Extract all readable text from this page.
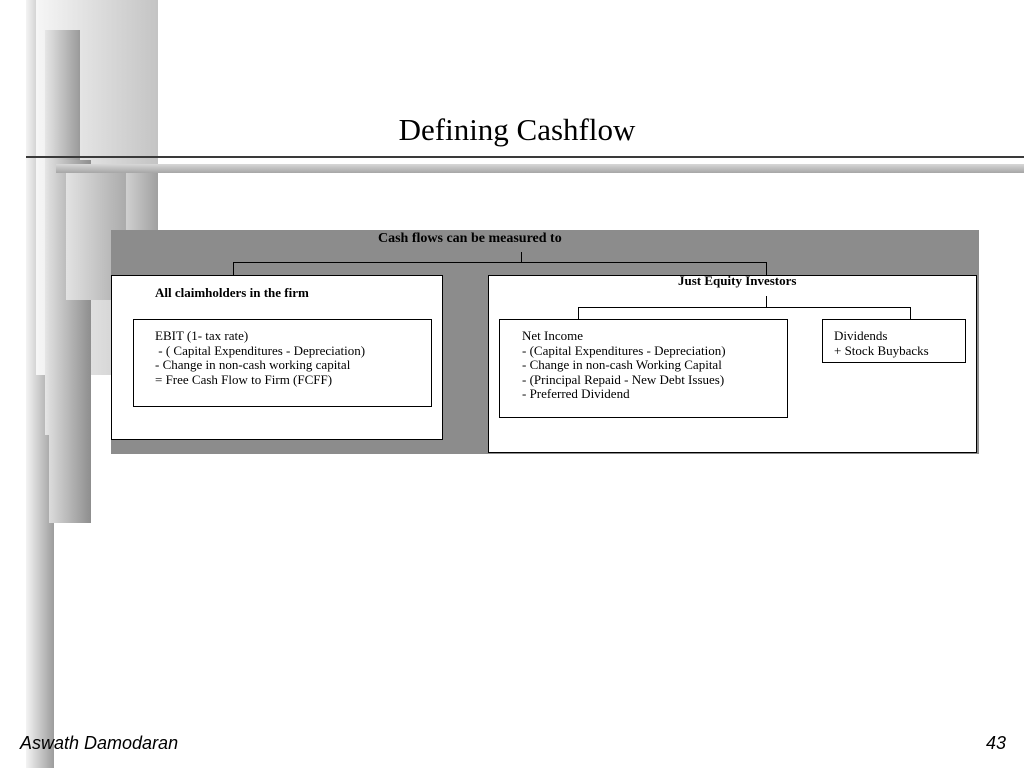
Defining Cashflow
Cash flows can be measured to
All claimholders in the firm
EBIT (1- tax rate)
- ( Capital Expenditures - Depreciation)
- Change in non-cash working capital
= Free Cash Flow to Firm (FCFF)
Just Equity Investors
Net Income
- (Capital Expenditures - Depreciation)
- Change in non-cash Working Capital
- (Principal Repaid - New Debt Issues)
- Preferred Dividend
Dividends
+ Stock Buybacks
Aswath Damodaran	43
